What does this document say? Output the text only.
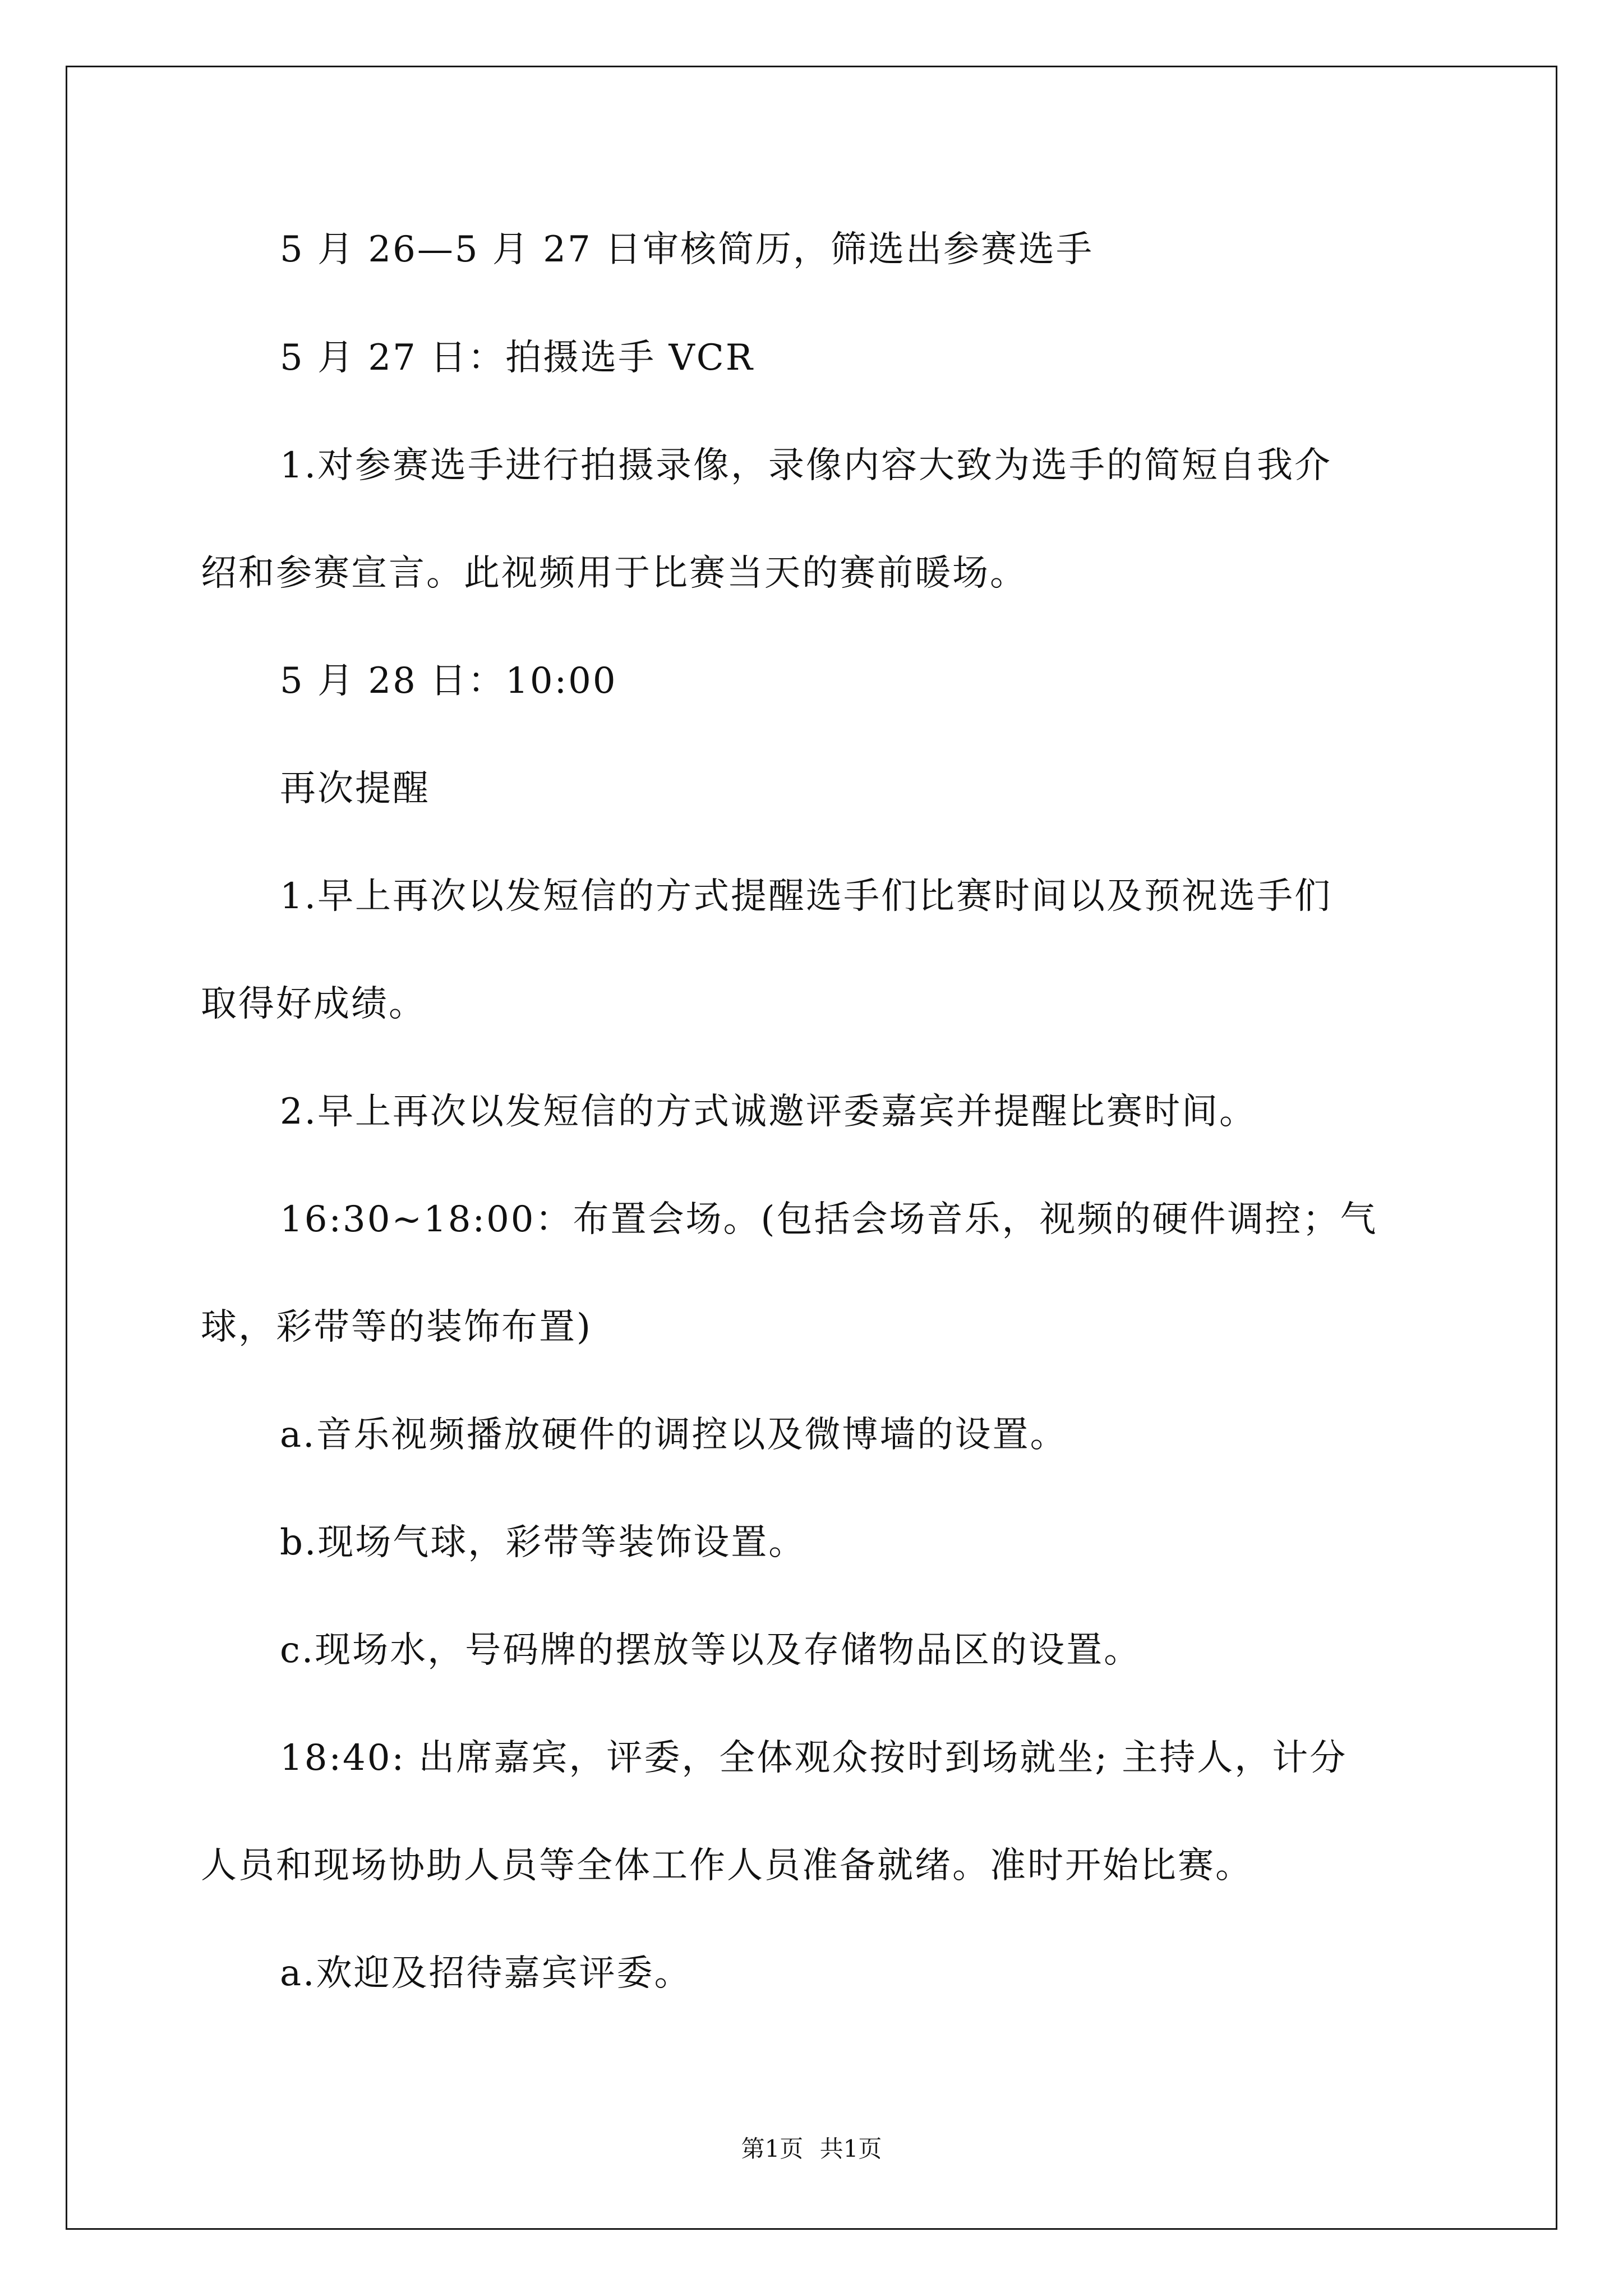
5 月 26—5 月 27 日审核简历，筛选出参赛选手

5 月 27 日：拍摄选手 VCR

1.对参赛选手进行拍摄录像，录像内容大致为选手的简短自我介

绍和参赛宣言。此视频用于比赛当天的赛前暖场。

5 月 28 日：10:00

再次提醒

1.早上再次以发短信的方式提醒选手们比赛时间以及预祝选手们

取得好成绩。

2.早上再次以发短信的方式诚邀评委嘉宾并提醒比赛时间。

16:30~18:00：布置会场。(包括会场音乐，视频的硬件调控；气

球，彩带等的装饰布置)

a.音乐视频播放硬件的调控以及微博墙的设置。

b.现场气球，彩带等装饰设置。

c.现场水，号码牌的摆放等以及存储物品区的设置。

18:40: 出席嘉宾，评委，全体观众按时到场就坐; 主持人，计分

人员和现场协助人员等全体工作人员准备就绪。准时开始比赛。

a.欢迎及招待嘉宾评委。

第1页 共1页
